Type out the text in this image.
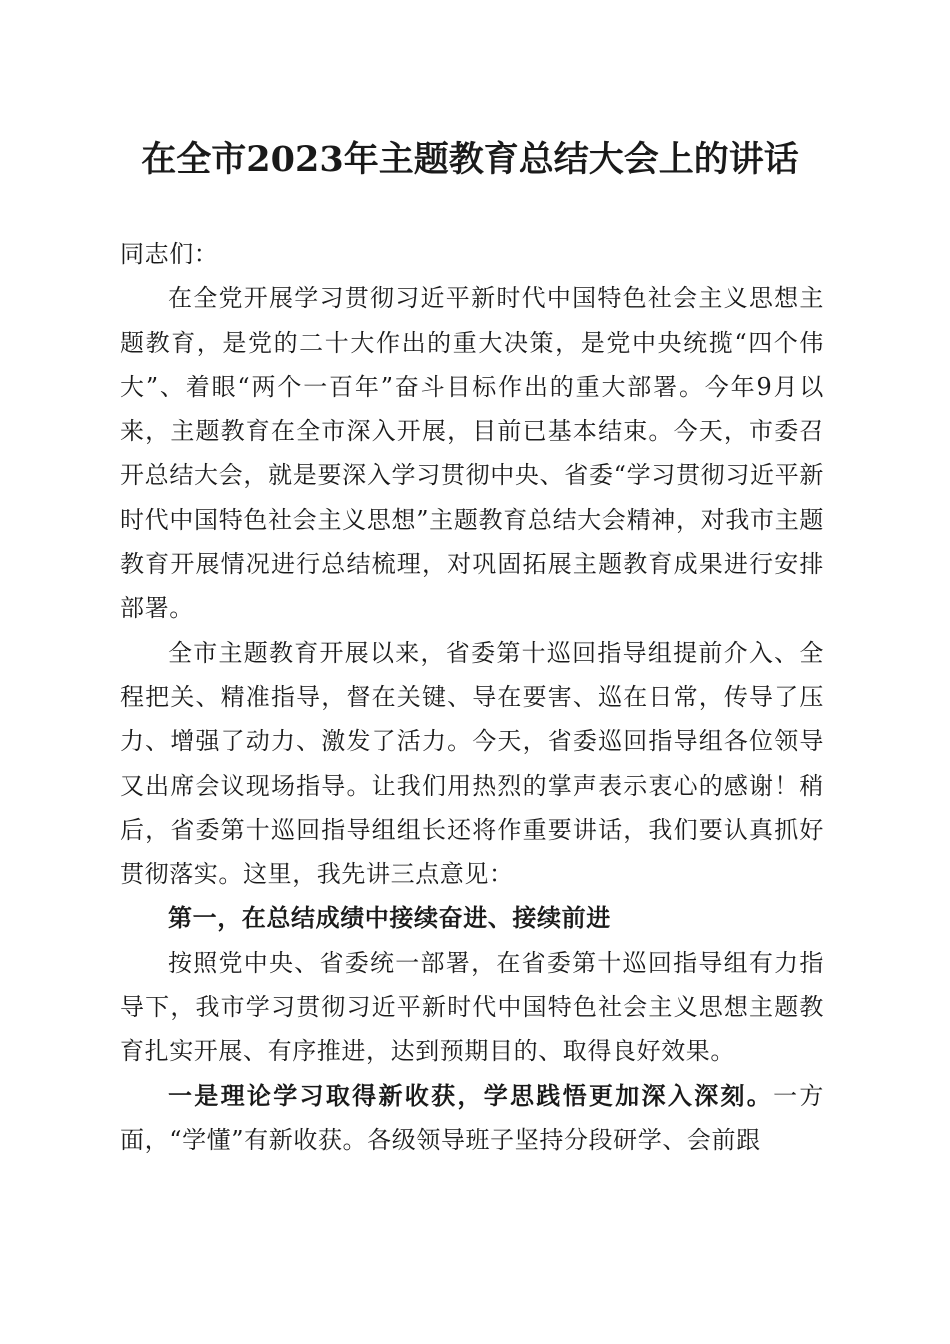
在全市2023年主题教育总结大会上的讲话

同志们：

在全党开展学习贯彻习近平新时代中国特色社会主义思想主题教育，是党的二十大作出的重大决策，是党中央统揽“四个伟大”、着眼“两个一百年”奋斗目标作出的重大部署。今年9月以来，主题教育在全市深入开展，目前已基本结束。今天，市委召开总结大会，就是要深入学习贯彻中央、省委“学习贯彻习近平新时代中国特色社会主义思想”主题教育总结大会精神，对我市主题教育开展情况进行总结梳理，对巩固拓展主题教育成果进行安排部署。

全市主题教育开展以来，省委第十巡回指导组提前介入、全程把关、精准指导，督在关键、导在要害、巡在日常，传导了压力、增强了动力、激发了活力。今天，省委巡回指导组各位领导又出席会议现场指导。让我们用热烈的掌声表示衷心的感谢！稍后，省委第十巡回指导组组长还将作重要讲话，我们要认真抓好贯彻落实。这里，我先讲三点意见：

第一，在总结成绩中接续奋进、接续前进

按照党中央、省委统一部署，在省委第十巡回指导组有力指导下，我市学习贯彻习近平新时代中国特色社会主义思想主题教育扎实开展、有序推进，达到预期目的、取得良好效果。

一是理论学习取得新收获，学思践悟更加深入深刻。一方面，“学懂”有新收获。各级领导班子坚持分段研学、会前跟
